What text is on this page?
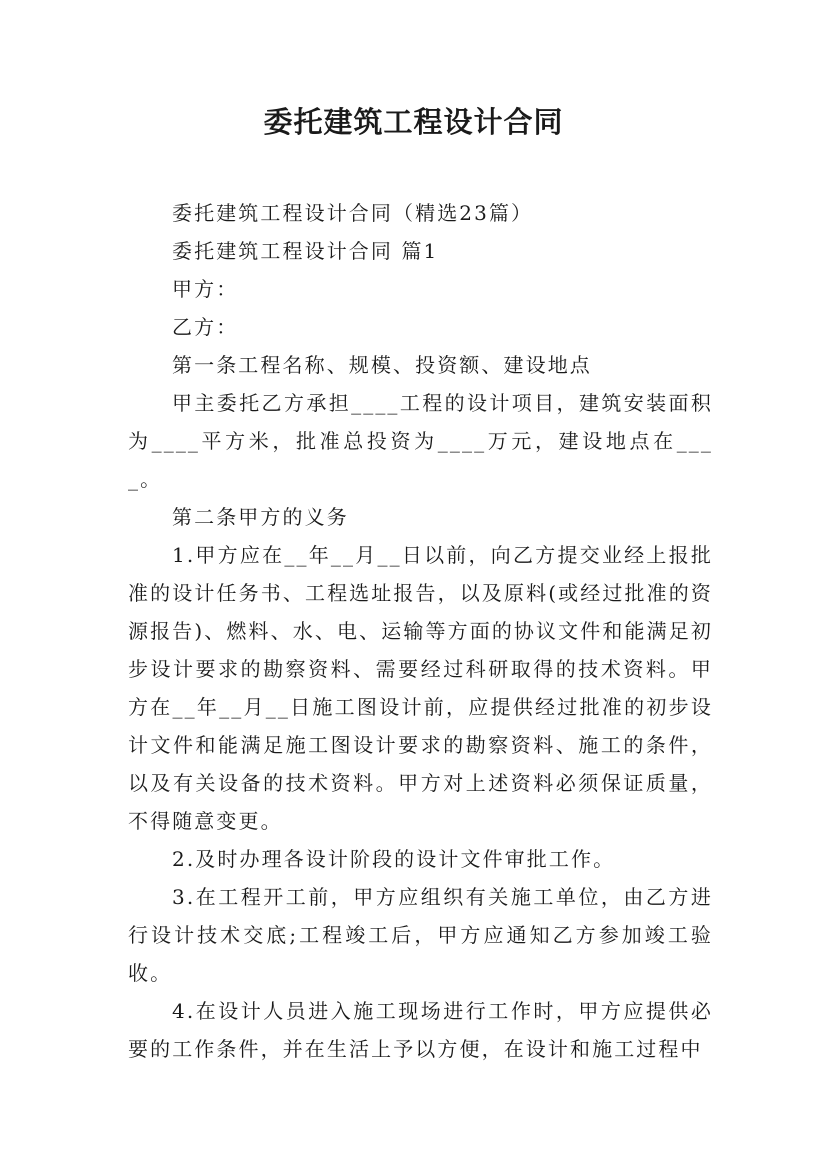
委托建筑工程设计合同

委托建筑工程设计合同（精选23篇）

委托建筑工程设计合同 篇1

甲方：

乙方：

第一条工程名称、规模、投资额、建设地点

甲主委托乙方承担____工程的设计项目，建筑安装面积为____平方米，批准总投资为____万元，建设地点在____。

第二条甲方的义务

1.甲方应在__年__月__日以前，向乙方提交业经上报批准的设计任务书、工程选址报告，以及原料(或经过批准的资源报告)、燃料、水、电、运输等方面的协议文件和能满足初步设计要求的勘察资料、需要经过科研取得的技术资料。甲方在__年__月__日施工图设计前，应提供经过批准的初步设计文件和能满足施工图设计要求的勘察资料、施工的条件，以及有关设备的技术资料。甲方对上述资料必须保证质量，不得随意变更。

2.及时办理各设计阶段的设计文件审批工作。

3.在工程开工前，甲方应组织有关施工单位，由乙方进行设计技术交底;工程竣工后，甲方应通知乙方参加竣工验收。

4.在设计人员进入施工现场进行工作时，甲方应提供必要的工作条件，并在生活上予以方便，在设计和施工过程中
